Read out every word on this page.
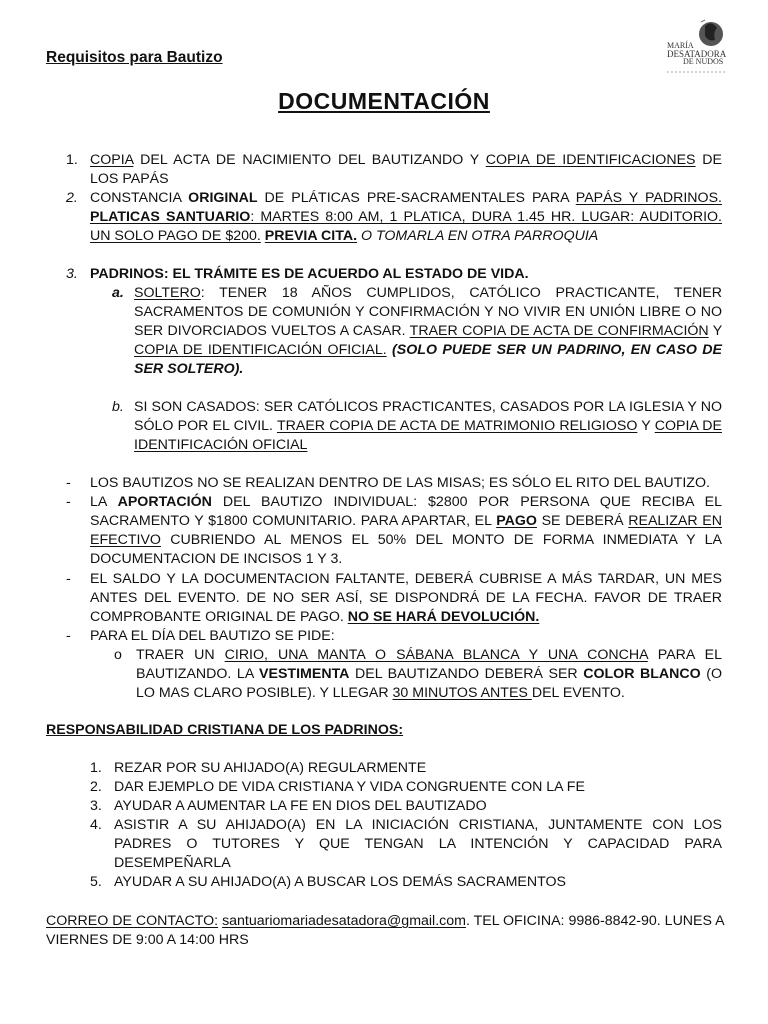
Requisitos para Bautizo
MARÍA
DESATADORA
DE NUDOS
DOCUMENTACIÓN
1. COPIA DEL ACTA DE NACIMIENTO DEL BAUTIZANDO Y COPIA DE IDENTIFICACIONES DE LOS PAPÁS
2. CONSTANCIA ORIGINAL DE PLÁTICAS PRE-SACRAMENTALES PARA PAPÁS Y PADRINOS. PLATICAS SANTUARIO: MARTES 8:00 AM, 1 PLATICA, DURA 1.45 HR. LUGAR: AUDITORIO. UN SOLO PAGO DE $200. PREVIA CITA. O TOMARLA EN OTRA PARROQUIA
3. PADRINOS: EL TRÁMITE ES DE ACUERDO AL ESTADO DE VIDA.
a. SOLTERO: TENER 18 AÑOS CUMPLIDOS, CATÓLICO PRACTICANTE, TENER SACRAMENTOS DE COMUNIÓN Y CONFIRMACIÓN Y NO VIVIR EN UNIÓN LIBRE O NO SER DIVORCIADOS VUELTOS A CASAR. TRAER COPIA DE ACTA DE CONFIRMACIÓN Y COPIA DE IDENTIFICACIÓN OFICIAL. (SOLO PUEDE SER UN PADRINO, EN CASO DE SER SOLTERO).
b. SI SON CASADOS: SER CATÓLICOS PRACTICANTES, CASADOS POR LA IGLESIA Y NO SÓLO POR EL CIVIL. TRAER COPIA DE ACTA DE MATRIMONIO RELIGIOSO Y COPIA DE IDENTIFICACIÓN OFICIAL
- LOS BAUTIZOS NO SE REALIZAN DENTRO DE LAS MISAS; ES SÓLO EL RITO DEL BAUTIZO.
- LA APORTACIÓN DEL BAUTIZO INDIVIDUAL: $2800 POR PERSONA QUE RECIBA EL SACRAMENTO Y $1800 COMUNITARIO. PARA APARTAR, EL PAGO SE DEBERÁ REALIZAR EN EFECTIVO CUBRIENDO AL MENOS EL 50% DEL MONTO DE FORMA INMEDIATA Y LA DOCUMENTACION DE INCISOS 1 Y 3.
- EL SALDO Y LA DOCUMENTACION FALTANTE, DEBERÁ CUBRISE A MÁS TARDAR, UN MES ANTES DEL EVENTO. DE NO SER ASÍ, SE DISPONDRÁ DE LA FECHA. FAVOR DE TRAER COMPROBANTE ORIGINAL DE PAGO. NO SE HARÁ DEVOLUCIÓN.
- PARA EL DÍA DEL BAUTIZO SE PIDE:
o TRAER UN CIRIO, UNA MANTA O SÁBANA BLANCA Y UNA CONCHA PARA EL BAUTIZANDO. LA VESTIMENTA DEL BAUTIZANDO DEBERÁ SER COLOR BLANCO (O LO MAS CLARO POSIBLE). Y LLEGAR 30 MINUTOS ANTES DEL EVENTO.
RESPONSABILIDAD CRISTIANA DE LOS PADRINOS:
1. REZAR POR SU AHIJADO(A) REGULARMENTE
2. DAR EJEMPLO DE VIDA CRISTIANA Y VIDA CONGRUENTE CON LA FE
3. AYUDAR A AUMENTAR LA FE EN DIOS DEL BAUTIZADO
4. ASISTIR A SU AHIJADO(A) EN LA INICIACIÓN CRISTIANA, JUNTAMENTE CON LOS PADRES O TUTORES Y QUE TENGAN LA INTENCIÓN Y CAPACIDAD PARA DESEMPEÑARLA
5. AYUDAR A SU AHIJADO(A) A BUSCAR LOS DEMÁS SACRAMENTOS
CORREO DE CONTACTO: santuariomariadesatadora@gmail.com. TEL OFICINA: 9986-8842-90. LUNES A VIERNES DE 9:00 A 14:00 HRS
